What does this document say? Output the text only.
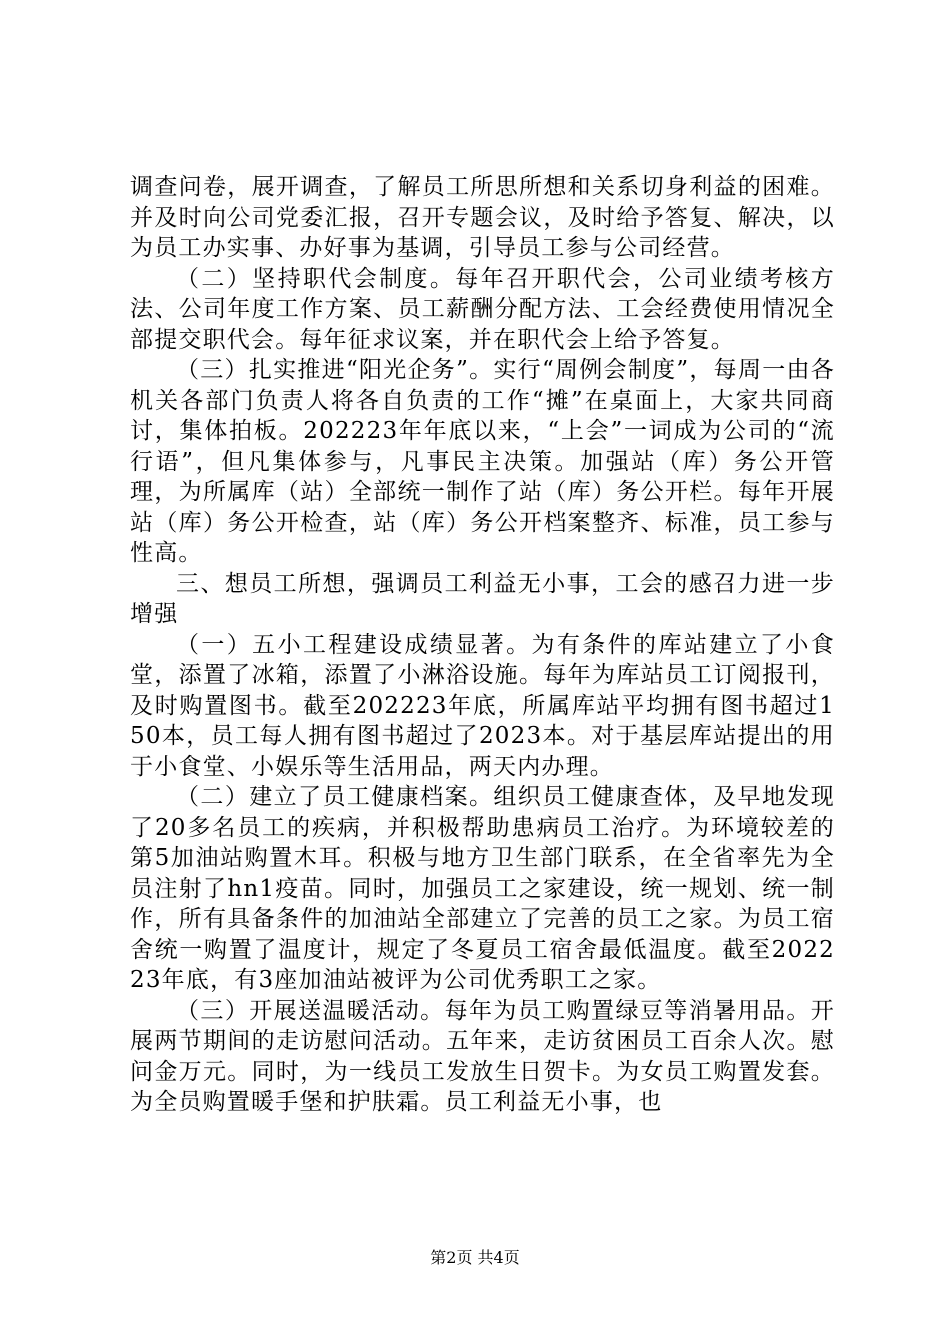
调查问卷，展开调查，了解员工所思所想和关系切身利益的困难。并及时向公司党委汇报，召开专题会议，及时给予答复、解决，以为员工办实事、办好事为基调，引导员工参与公司经营。

（二）坚持职代会制度。每年召开职代会，公司业绩考核方法、公司年度工作方案、员工薪酬分配方法、工会经费使用情况全部提交职代会。每年征求议案，并在职代会上给予答复。

（三）扎实推进“阳光企务”。实行“周例会制度”，每周一由各机关各部门负责人将各自负责的工作“摊”在桌面上，大家共同商讨，集体拍板。202223年年底以来，“上会”一词成为公司的“流行语”，但凡集体参与，凡事民主决策。加强站（库）务公开管理，为所属库（站）全部统一制作了站（库）务公开栏。每年开展站（库）务公开检查，站（库）务公开档案整齐、标准，员工参与性高。

三、想员工所想，强调员工利益无小事，工会的感召力进一步增强

（一）五小工程建设成绩显著。为有条件的库站建立了小食堂，添置了冰箱，添置了小淋浴设施。每年为库站员工订阅报刊，及时购置图书。截至202223年底，所属库站平均拥有图书超过150本，员工每人拥有图书超过了2023本。对于基层库站提出的用于小食堂、小娱乐等生活用品，两天内办理。

（二）建立了员工健康档案。组织员工健康查体，及早地发现了20多名员工的疾病，并积极帮助患病员工治疗。为环境较差的第5加油站购置木耳。积极与地方卫生部门联系，在全省率先为全员注射了hn1疫苗。同时，加强员工之家建设，统一规划、统一制作，所有具备条件的加油站全部建立了完善的员工之家。为员工宿舍统一购置了温度计，规定了冬夏员工宿舍最低温度。截至202223年底，有3座加油站被评为公司优秀职工之家。

（三）开展送温暖活动。每年为员工购置绿豆等消暑用品。开展两节期间的走访慰问活动。五年来，走访贫困员工百余人次。慰问金万元。同时，为一线员工发放生日贺卡。为女员工购置发套。为全员购置暖手堡和护肤霜。员工利益无小事，也

第2页 共4页
